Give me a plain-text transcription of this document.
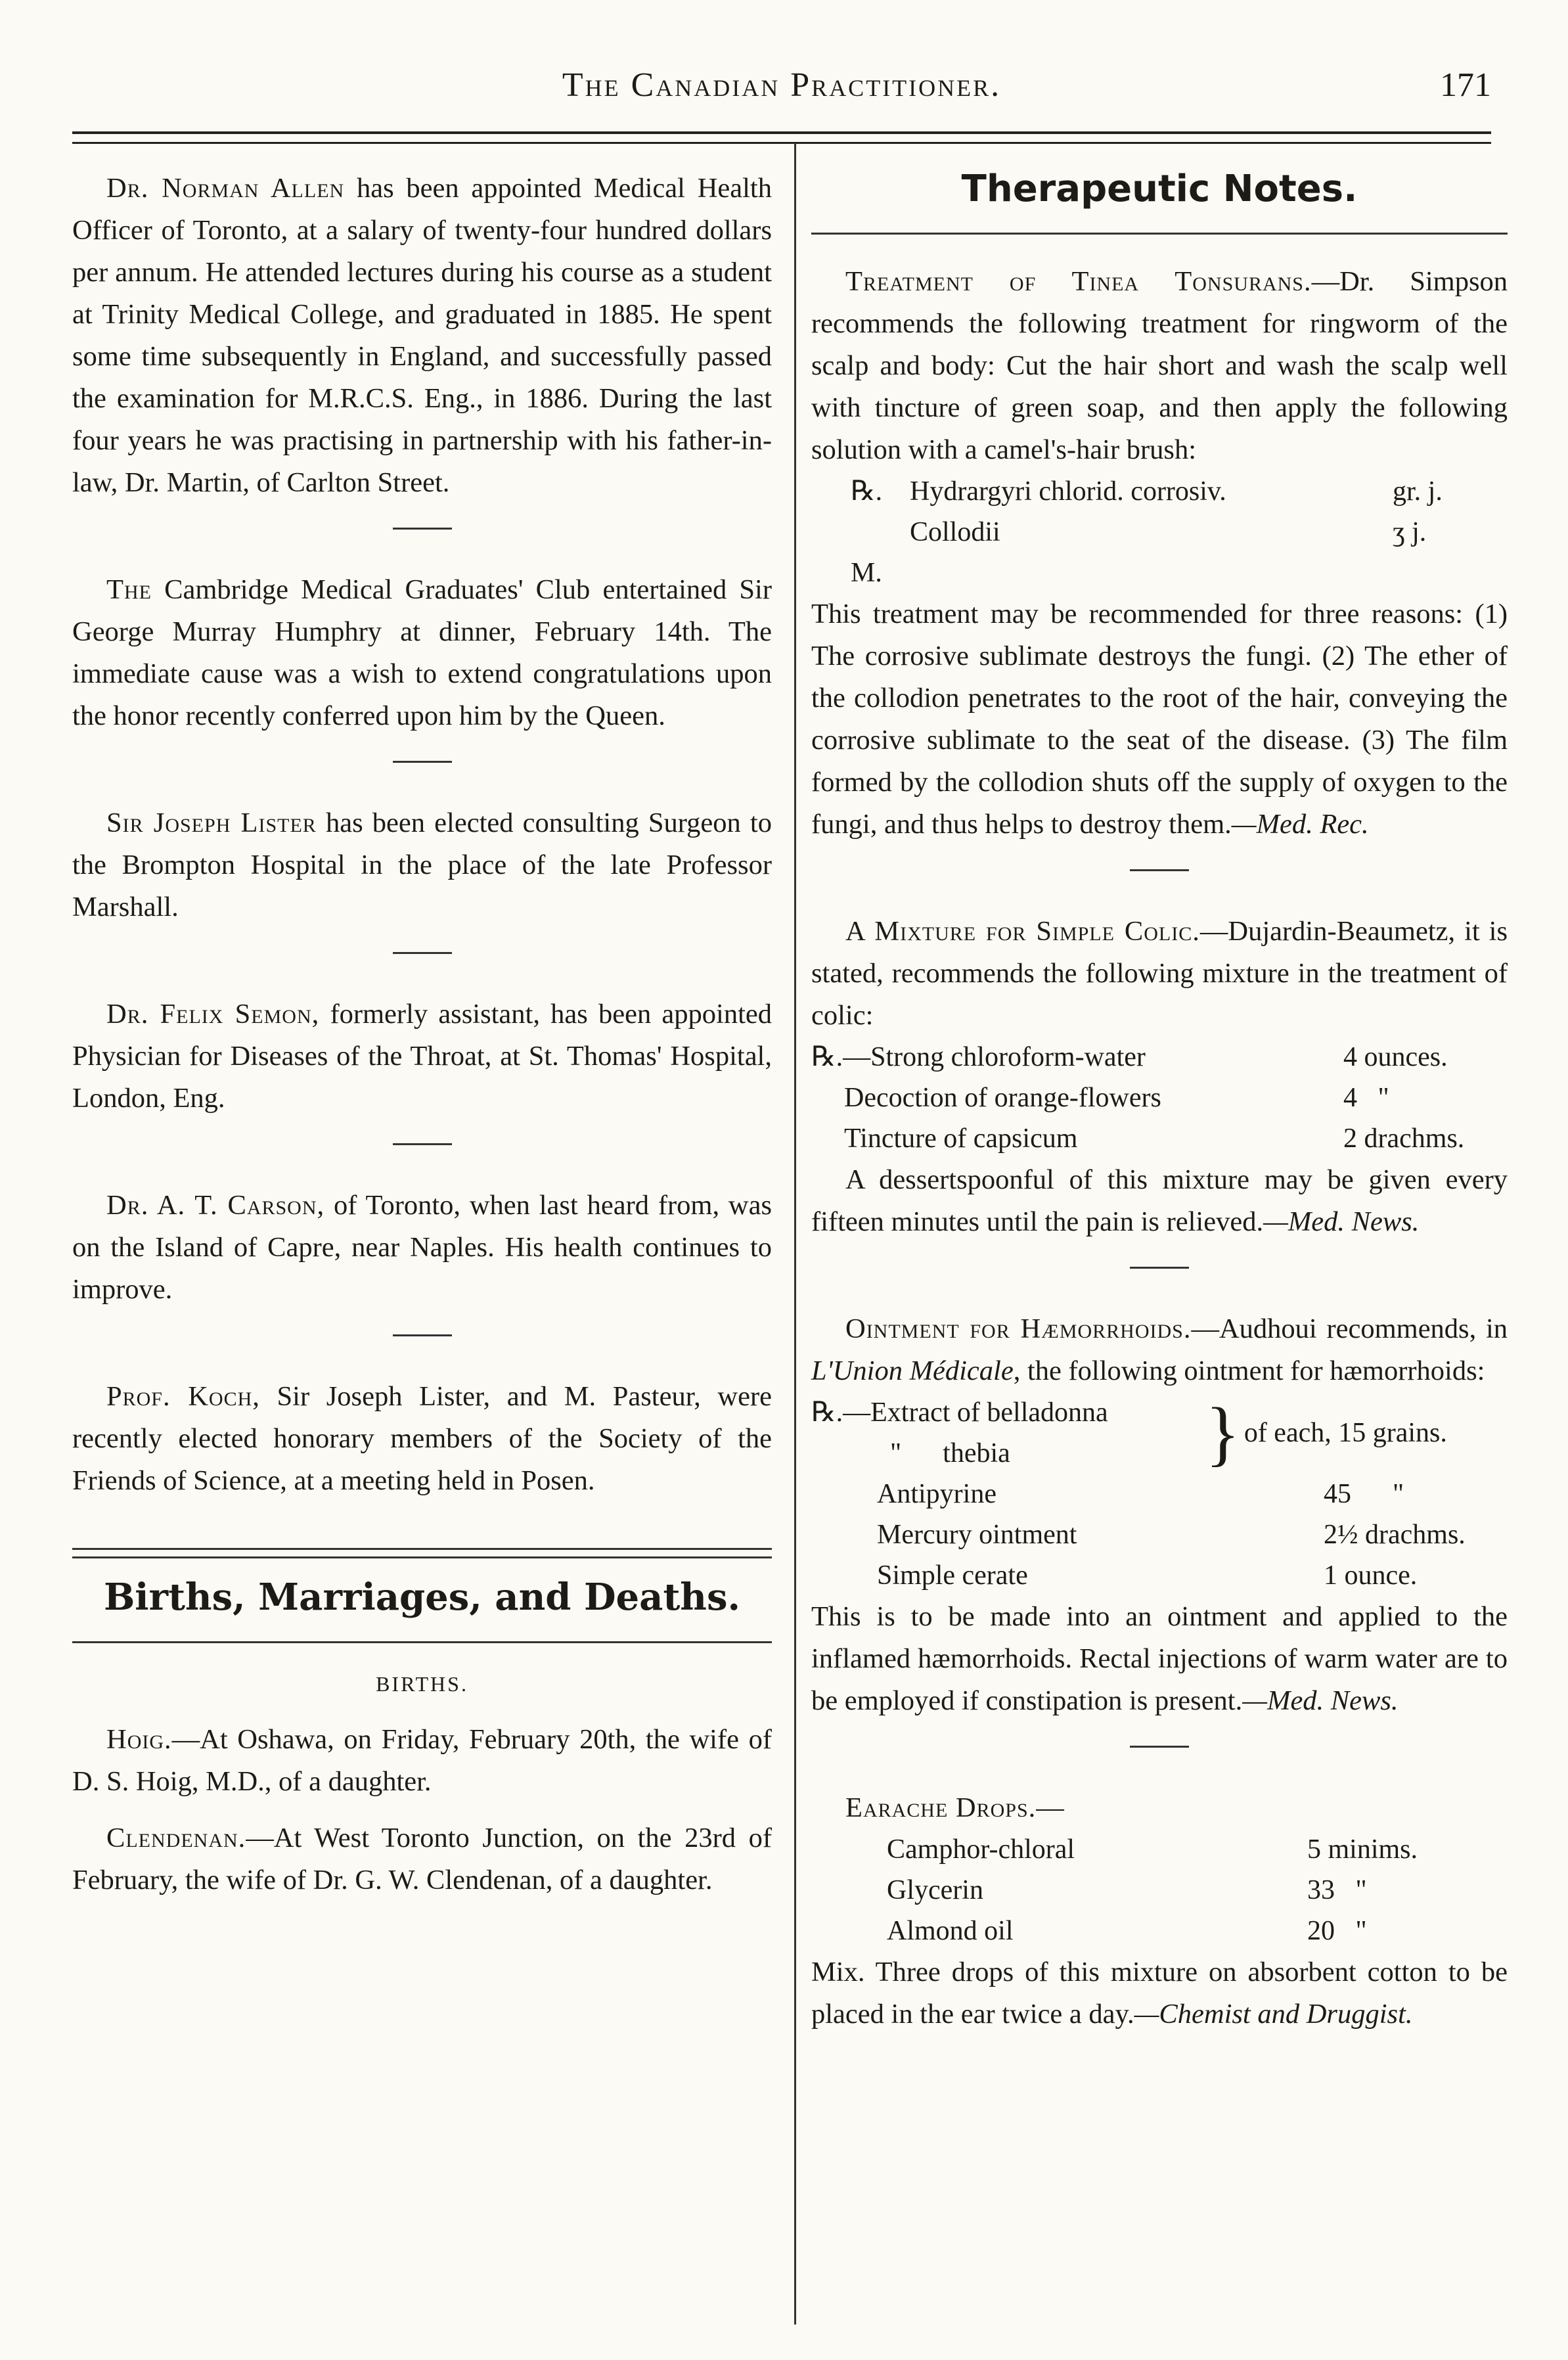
The Canadian Practitioner.	171

Dr. Norman Allen has been appointed Medical Health Officer of Toronto, at a salary of twenty-four hundred dollars per annum. He attended lectures during his course as a student at Trinity Medical College, and graduated in 1885. He spent some time subsequently in England, and successfully passed the examination for M.R.C.S. Eng., in 1886. During the last four years he was practising in partnership with his father-in-law, Dr. Martin, of Carlton Street.

The Cambridge Medical Graduates' Club entertained Sir George Murray Humphry at dinner, February 14th. The immediate cause was a wish to extend congratulations upon the honor recently conferred upon him by the Queen.

Sir Joseph Lister has been elected consulting Surgeon to the Brompton Hospital in the place of the late Professor Marshall.

Dr. Felix Semon, formerly assistant, has been appointed Physician for Diseases of the Throat, at St. Thomas' Hospital, London, Eng.

Dr. A. T. Carson, of Toronto, when last heard from, was on the Island of Capre, near Naples. His health continues to improve.

Prof. Koch, Sir Joseph Lister, and M. Pasteur, were recently elected honorary members of the Society of the Friends of Science, at a meeting held in Posen.

Births, Marriages, and Deaths.
BIRTHS.

Hoig.—At Oshawa, on Friday, February 20th, the wife of D. S. Hoig, M.D., of a daughter.

Clendenan.—At West Toronto Junction, on the 23rd of February, the wife of Dr. G. W. Clendenan, of a daughter.

Therapeutic Notes.

Treatment of Tinea Tonsurans.—Dr. Simpson recommends the following treatment for ringworm of the scalp and body: Cut the hair short and wash the scalp well with tincture of green soap, and then apply the following solution with a camel's-hair brush:

℞. Hydrargyri chlorid. corrosiv.	gr. j.
Collodii	ʒ j.
M.

This treatment may be recommended for three reasons: (1) The corrosive sublimate destroys the fungi. (2) The ether of the collodion penetrates to the root of the hair, conveying the corrosive sublimate to the seat of the disease. (3) The film formed by the collodion shuts off the supply of oxygen to the fungi, and thus helps to destroy them.—Med. Rec.

A Mixture for Simple Colic.—Dujardin-Beaumetz, it is stated, recommends the following mixture in the treatment of colic:

℞.—Strong chloroform-water	4 ounces.
Decoction of orange-flowers	4   "
Tincture of capsicum	2 drachms.

A dessertspoonful of this mixture may be given every fifteen minutes until the pain is relieved.—Med. News.

Ointment for Hæmorrhoids.—Audhoui recommends, in L'Union Médicale, the following ointment for hæmorrhoids:

℞.—Extract of belladonna
"      thebia	} of each, 15 grains.
Antipyrine	45      "
Mercury ointment	2½ drachms.
Simple cerate	1 ounce.

This is to be made into an ointment and applied to the inflamed hæmorrhoids. Rectal injections of warm water are to be employed if constipation is present.—Med. News.

Earache Drops.—

Camphor-chloral	5 minims.
Glycerin	33   "
Almond oil	20   "

Mix. Three drops of this mixture on absorbent cotton to be placed in the ear twice a day.—Chemist and Druggist.
